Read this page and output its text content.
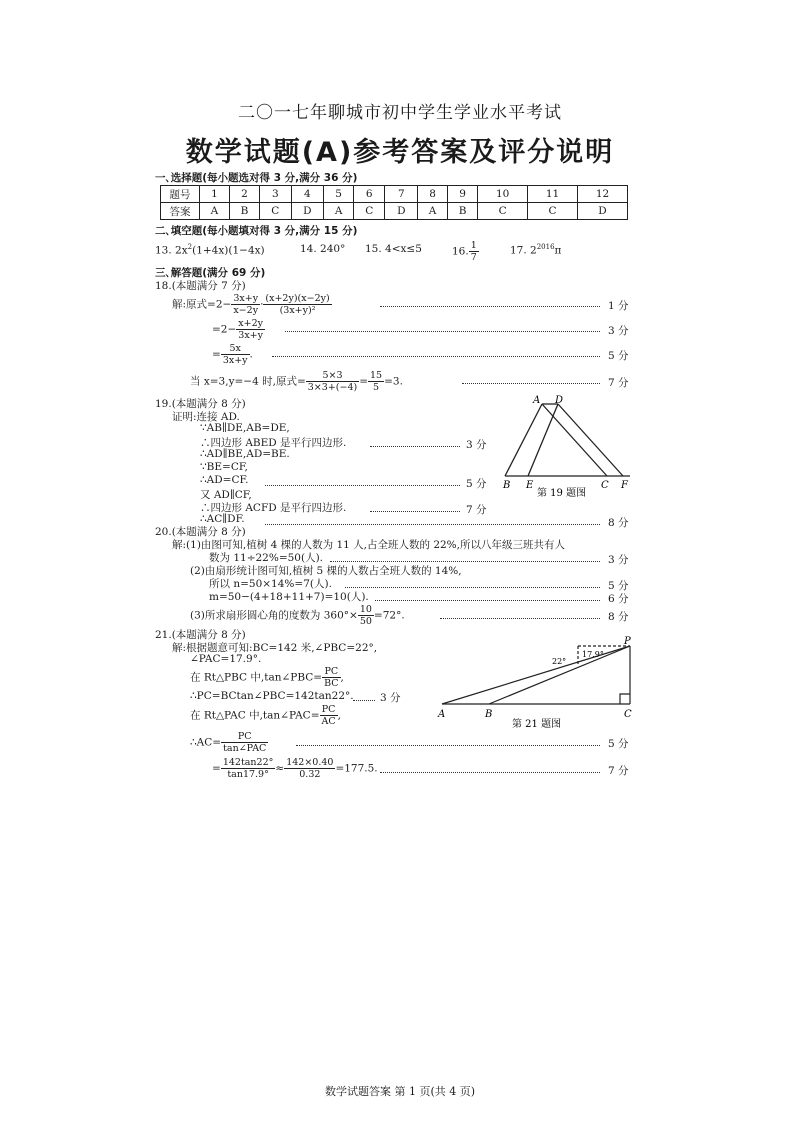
二〇一七年聊城市初中学生学业水平考试
数学试题(A)参考答案及评分说明
一､选择题(每小题选对得 3 分,满分 36 分)
题号	1	2	3	4	5	6	7	8	9	10	11	12
答案	A	B	C	D	A	C	D	A	B	C	C	D
二､填空题(每小题填对得 3 分,满分 15 分)
13. $2x^2(1+4x)(1-4x)$	14. 240° 15. 4<x≤5	16. $\frac{1}{7}$	17. $2^{2016}\pi$
三､解答题(满分 69 分)
18.(本题满分 7 分)
解:原式$=2- \frac{3x+y}{x-2y} \cdot \frac{(x+2y)(x-2y)}{\text{(3x+y)²}}$	1 分
$=2- \frac{x+2y}{3x+y}$	3 分
= $\frac{5x}{3x+y}$ .	5 分
当 x=3,y=−4 时,原式= $\frac{5\times 3}{3\times 3+(-4)} = \frac{15}{5} =3$.	7 分
19.(本题满分 8 分)
证明:连接 AD.
∵AB∥DE,AB=DE,
∴四边形 ABED 是平行四边形.	3 分
∴AD∥BE,AD=BE.
∵BE=CF,
∴AD=CF.	5 分
又 AD∥CF,
∴四边形 ACFD 是平行四边形.	7 分
∴AC∥DF.	8 分
A D
B E	C F
第 19 题图
20.(本题满分 8 分)
解:(1)由图可知,植树 4 棵的人数为 11 人,占全班人数的 22%,所以八年级三班共有人
数为 11÷22%=50(人).	3 分
(2)由扇形统计图可知,植树 5 棵的人数占全班人数的 14%,
所以 n=50×14%=7(人).	5 分
m=50−(4+18+11+7)=10(人).	6 分
(3)所求扇形圆心角的度数为 $360^\circ\times \frac{10}{50} =72^\circ$.	8 分
21.(本题满分 8 分)
解:根据题意可知:BC=142 米,∠PBC=22°,
∠PAC=17.9°.
在 Rt△PBC 中,tan∠PBC= $\frac{PC}{BC}$ ,
∴PC=BCtan∠PBC=142tan22°.	3 分
在 Rt△PAC 中,tan∠PAC= $\frac{PC}{AC}$ ,
∴AC= $\frac{PC}{\text{tan∠PAC}}$	5 分
= $\frac{142\tan 22^\circ}{\tan 17.9^\circ} \approx \frac{142\times 0.40}{0.32} =177.5$.	7 分
P
A	B	C
22°
17.9°
第 21 题图
数学试题答案 第 1 页(共 4 页)
